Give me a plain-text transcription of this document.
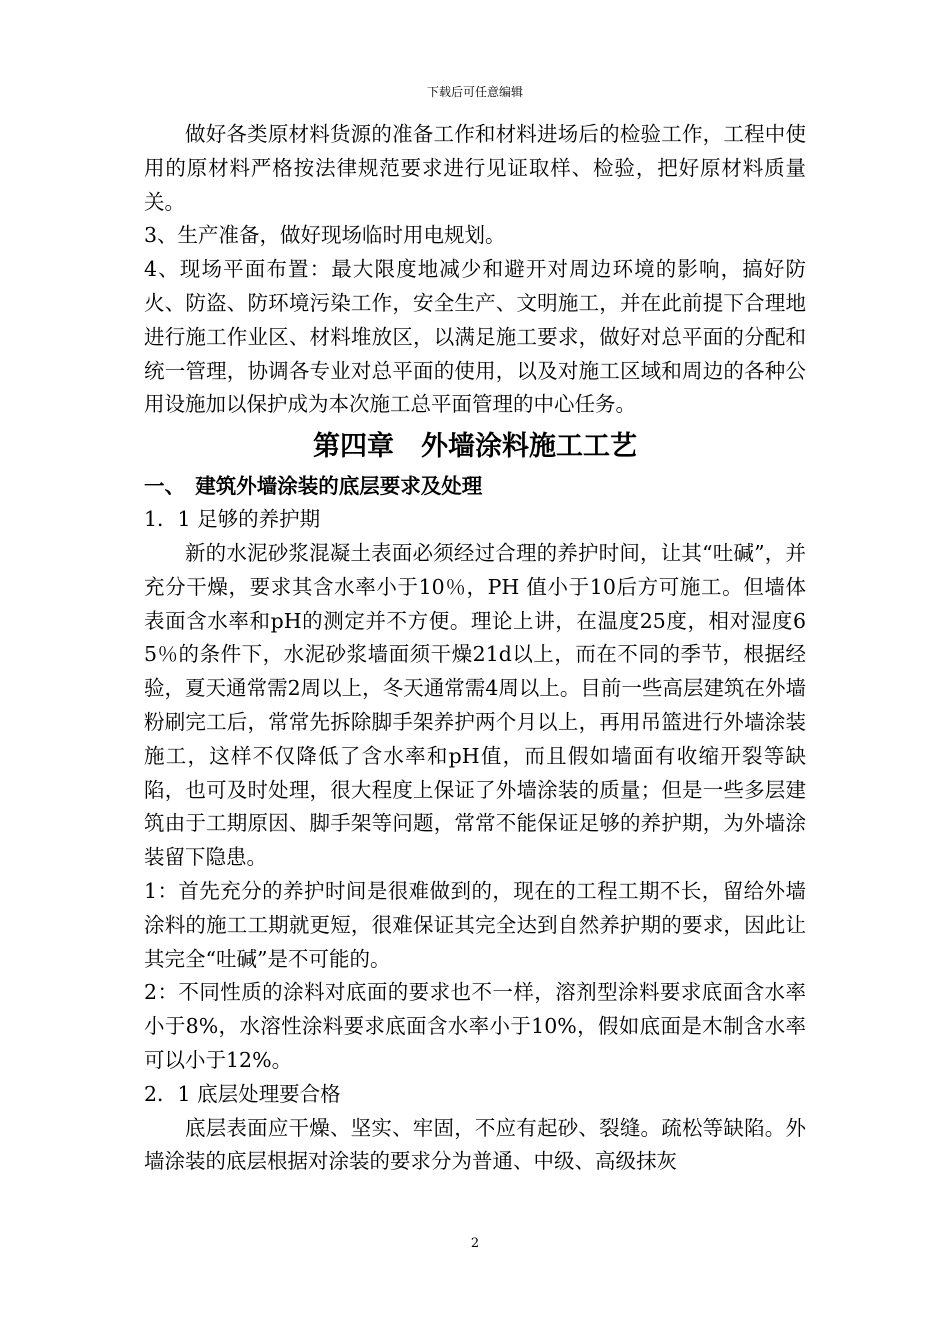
下载后可任意编辑

做好各类原材料货源的准备工作和材料进场后的检验工作，工程中使用的原材料严格按法律规范要求进行见证取样、检验，把好原材料质量关。

3、生产准备，做好现场临时用电规划。

4、现场平面布置：最大限度地减少和避开对周边环境的影响，搞好防火、防盗、防环境污染工作，安全生产、文明施工，并在此前提下合理地进行施工作业区、材料堆放区，以满足施工要求，做好对总平面的分配和统一管理，协调各专业对总平面的使用，以及对施工区域和周边的各种公用设施加以保护成为本次施工总平面管理的中心任务。

第四章　外墙涂料施工工艺
一、　建筑外墙涂装的底层要求及处理

1．1 足够的养护期

新的水泥砂浆混凝土表面必须经过合理的养护时间，让其“吐碱”，并充分干燥，要求其含水率小于10％，PH 值小于10后方可施工。但墙体表面含水率和pH的测定并不方便。理论上讲，在温度25度，相对湿度65％的条件下，水泥砂浆墙面须干燥21d以上，而在不同的季节，根据经验，夏天通常需2周以上，冬天通常需4周以上。目前一些高层建筑在外墙粉刷完工后，常常先拆除脚手架养护两个月以上，再用吊篮进行外墙涂装施工，这样不仅降低了含水率和pH值，而且假如墙面有收缩开裂等缺陷，也可及时处理，很大程度上保证了外墙涂装的质量；但是一些多层建筑由于工期原因、脚手架等问题，常常不能保证足够的养护期，为外墙涂装留下隐患。

1：首先充分的养护时间是很难做到的，现在的工程工期不长，留给外墙涂料的施工工期就更短，很难保证其完全达到自然养护期的要求，因此让其完全“吐碱”是不可能的。

2：不同性质的涂料对底面的要求也不一样，溶剂型涂料要求底面含水率小于8%，水溶性涂料要求底面含水率小于10%，假如底面是木制含水率可以小于12%。

2．1 底层处理要合格

底层表面应干燥、坚实、牢固，不应有起砂、裂缝。疏松等缺陷。外墙涂装的底层根据对涂装的要求分为普通、中级、高级抹灰

2
